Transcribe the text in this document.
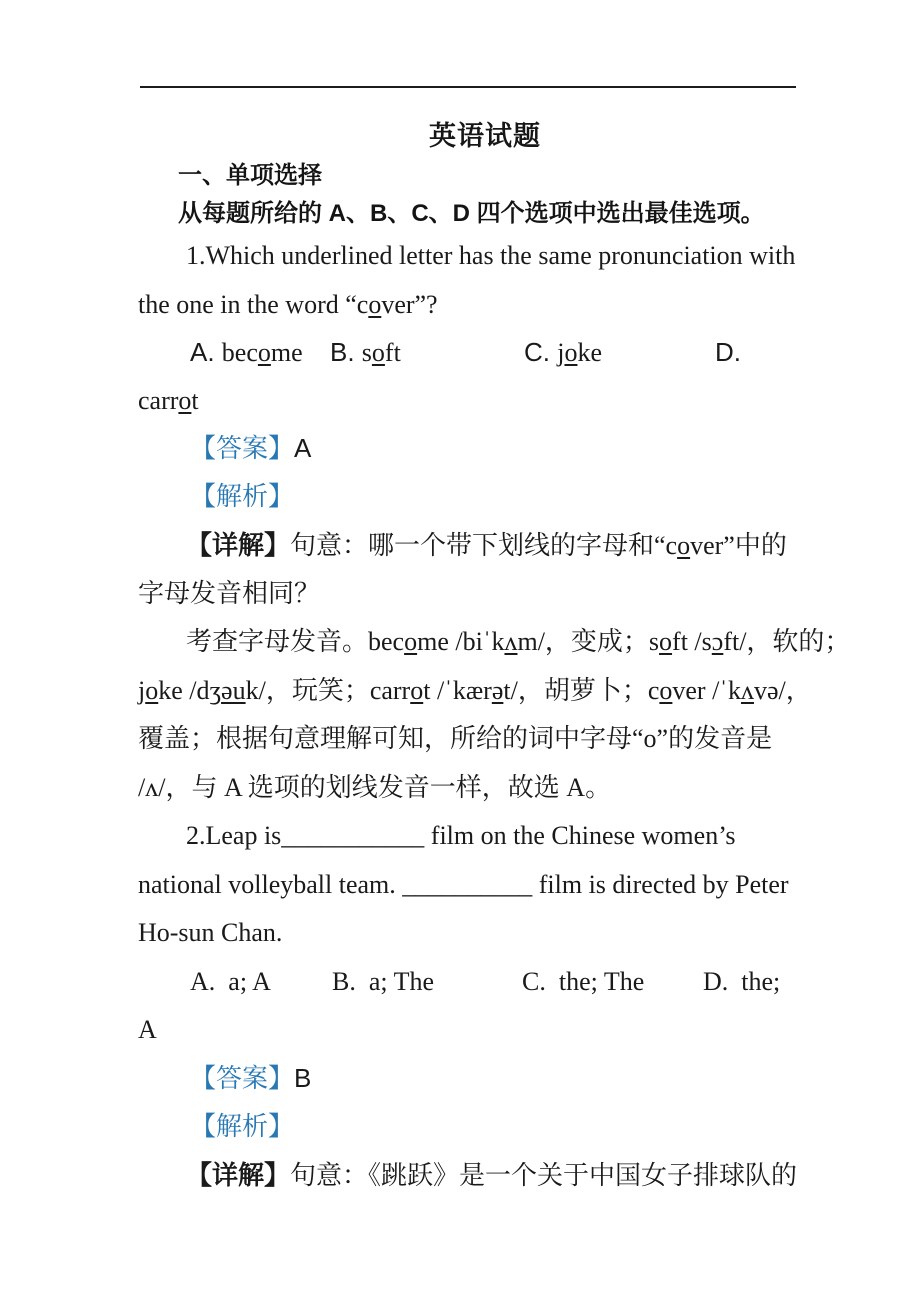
英语试题
一、单项选择
从每题所给的 A、B、C、D 四个选项中选出最佳选项。
1.Which underlined letter has the same pronunciation with
the one in the word “cover”?
A. become B. soft	C. joke	D.
carrot
【答案】A
【解析】
【详解】句意：哪一个带下划线的字母和“cover”中的
字母发音相同？
考查字母发音。become /biˈkʌm/，变成；soft /sɔft/，软的；
joke /dʒəuk/，玩笑；carrot /ˈkærət/，胡萝卜；cover /ˈkʌvə/，
覆盖；根据句意理解可知，所给的词中字母“o”的发音是
/ʌ/，与 A 选项的划线发音一样，故选 A。
2.Leap is___________ film on the Chinese women’s
national volleyball team. __________ film is directed by Peter
Ho-sun Chan.
A.  a; A B.  a; The	C.  the; The D.  the;
A
【答案】B
【解析】
【详解】句意：《跳跃》是一个关于中国女子排球队的
